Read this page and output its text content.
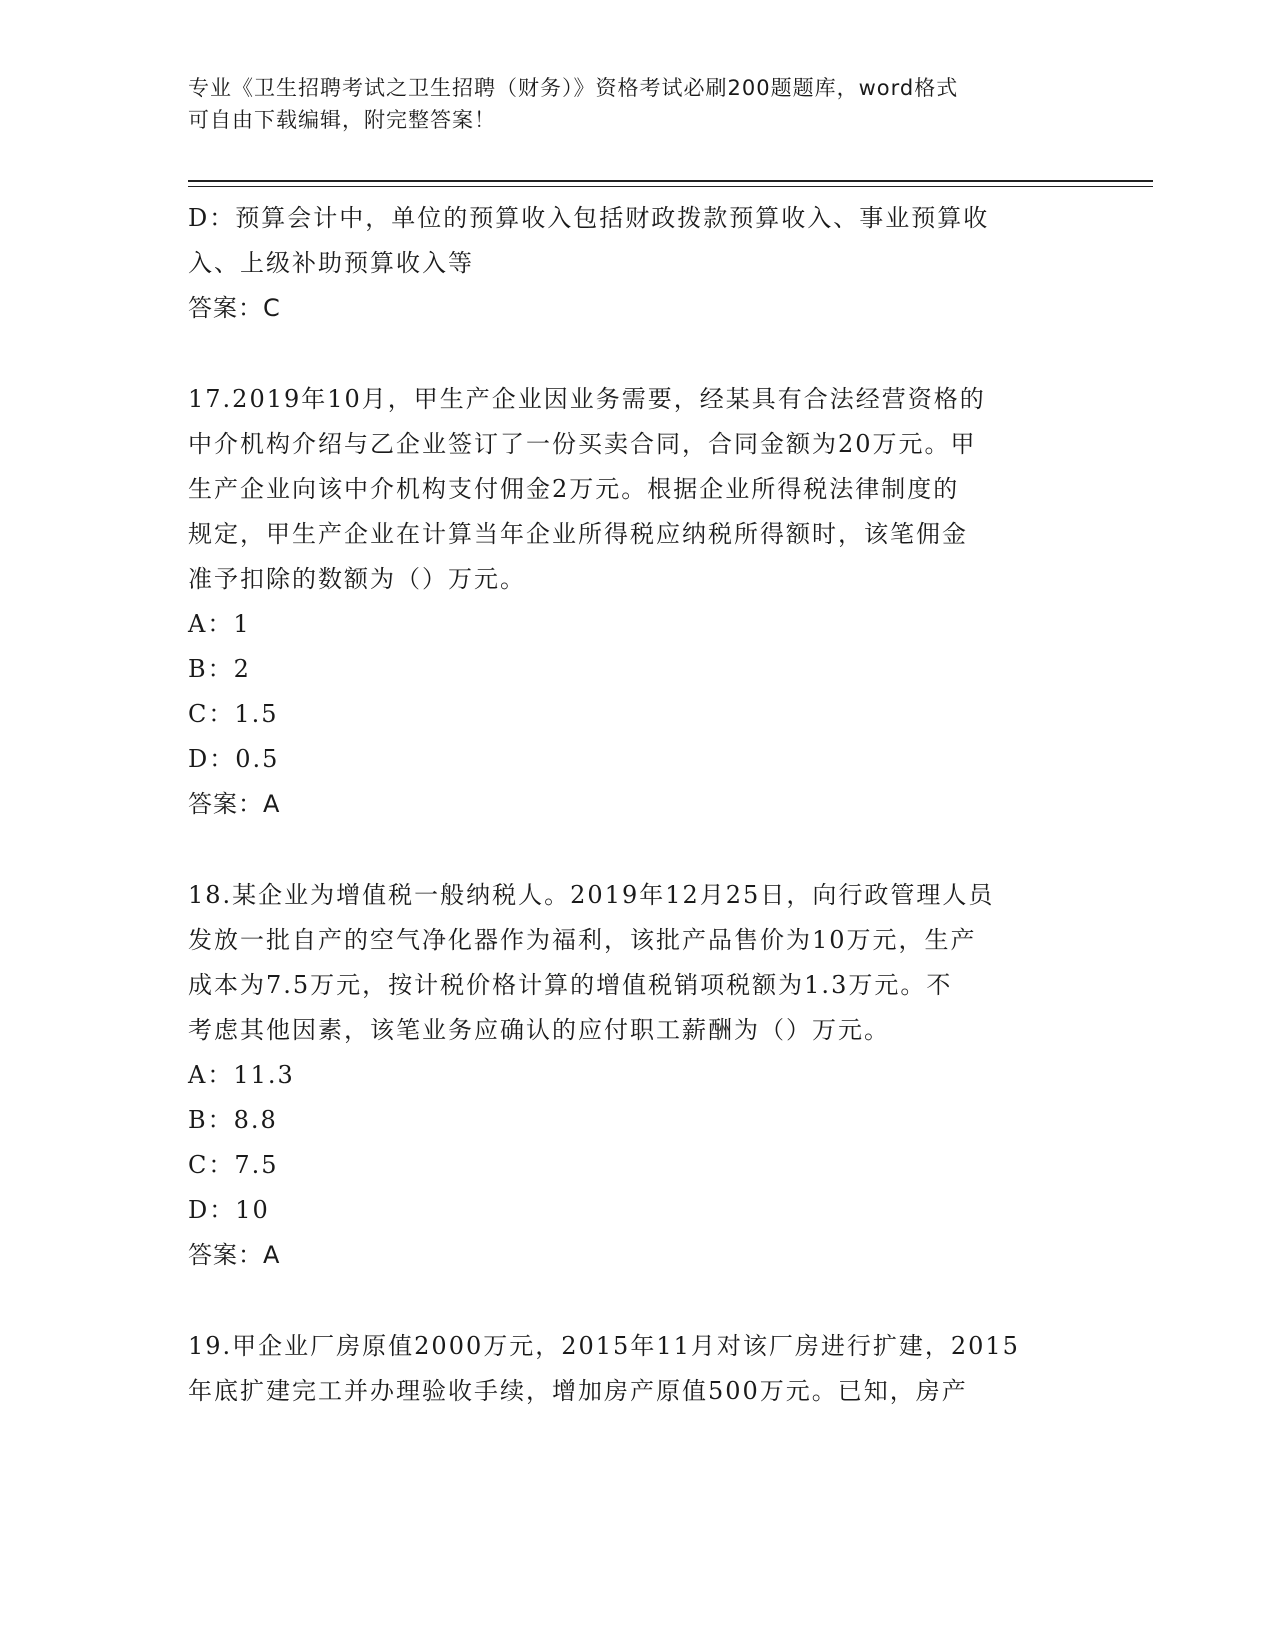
专业《卫生招聘考试之卫生招聘（财务）》资格考试必刷200题题库，word格式
可自由下载编辑，附完整答案！
D：预算会计中，单位的预算收入包括财政拨款预算收入、事业预算收
入、上级补助预算收入等
答案：C
17.2019年10月，甲生产企业因业务需要，经某具有合法经营资格的
中介机构介绍与乙企业签订了一份买卖合同，合同金额为20万元。甲
生产企业向该中介机构支付佣金2万元。根据企业所得税法律制度的
规定，甲生产企业在计算当年企业所得税应纳税所得额时，该笔佣金
准予扣除的数额为（）万元。
A：1
B：2
C：1.5
D：0.5
答案：A
18.某企业为增值税一般纳税人。2019年12月25日，向行政管理人员
发放一批自产的空气净化器作为福利，该批产品售价为10万元，生产
成本为7.5万元，按计税价格计算的增值税销项税额为1.3万元。不
考虑其他因素，该笔业务应确认的应付职工薪酬为（）万元。
A：11.3
B：8.8
C：7.5
D：10
答案：A
19.甲企业厂房原值2000万元，2015年11月对该厂房进行扩建，2015
年底扩建完工并办理验收手续，增加房产原值500万元。已知，房产
